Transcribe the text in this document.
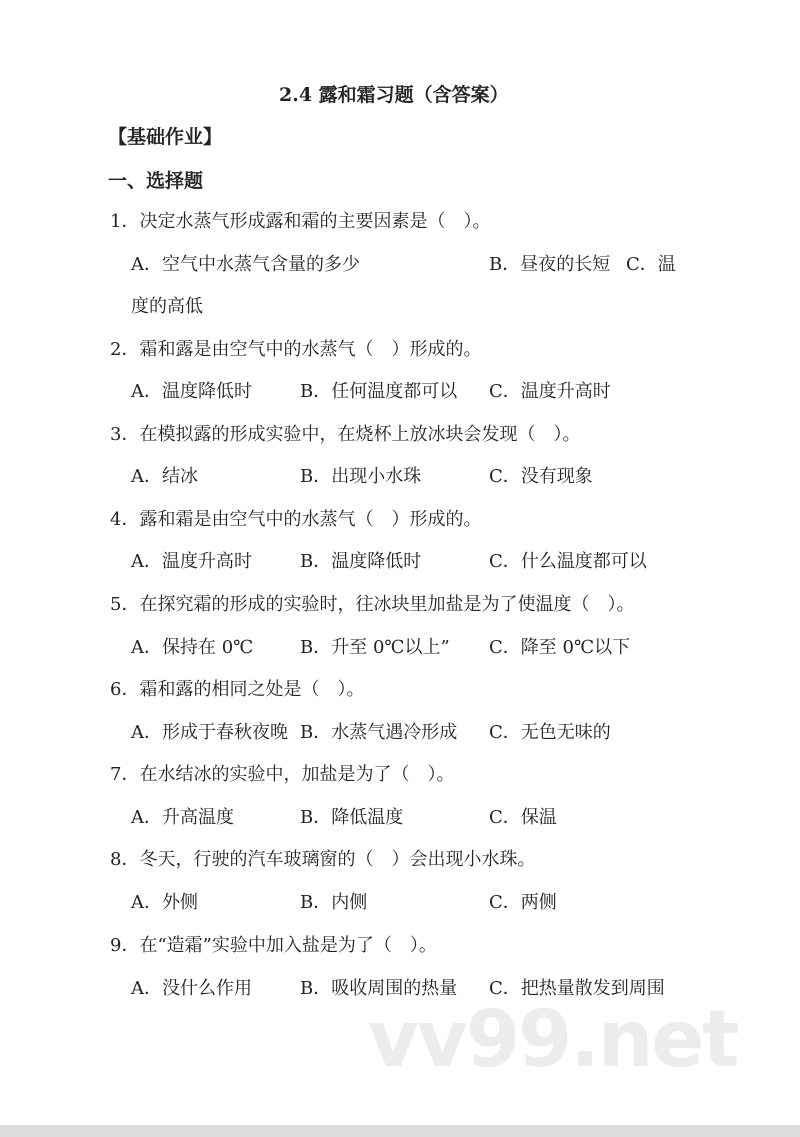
2.4 露和霜习题（含答案）
【基础作业】
一、选择题
1．决定水蒸气形成露和霜的主要因素是（　）。
A．空气中水蒸气含量的多少	B．昼夜的长短 C．温
度的高低
2．霜和露是由空气中的水蒸气（　）形成的。
A．温度降低时	B．任何温度都可以 C．温度升高时
3．在模拟露的形成实验中，在烧杯上放冰块会发现（　）。
A．结冰	B．出现小水珠	C．没有现象
4．露和霜是由空气中的水蒸气（　）形成的。
A．温度升高时	B．温度降低时	C．什么温度都可以
5．在探究霜的形成的实验时，往冰块里加盐是为了使温度（　）。
A．保持在 0℃	B．升至 0℃以上” C．降至 0℃以下
6．霜和露的相同之处是（　）。
A．形成于春秋夜晚 B．水蒸气遇冷形成 C．无色无味的
7．在水结冰的实验中，加盐是为了（　）。
A．升高温度	B．降低温度	C．保温
8．冬天，行驶的汽车玻璃窗的（　）会出现小水珠。
A．外侧	B．内侧	C．两侧
9．在“造霜”实验中加入盐是为了（　）。
A．没什么作用	B．吸收周围的热量 C．把热量散发到周围
vv99.net
